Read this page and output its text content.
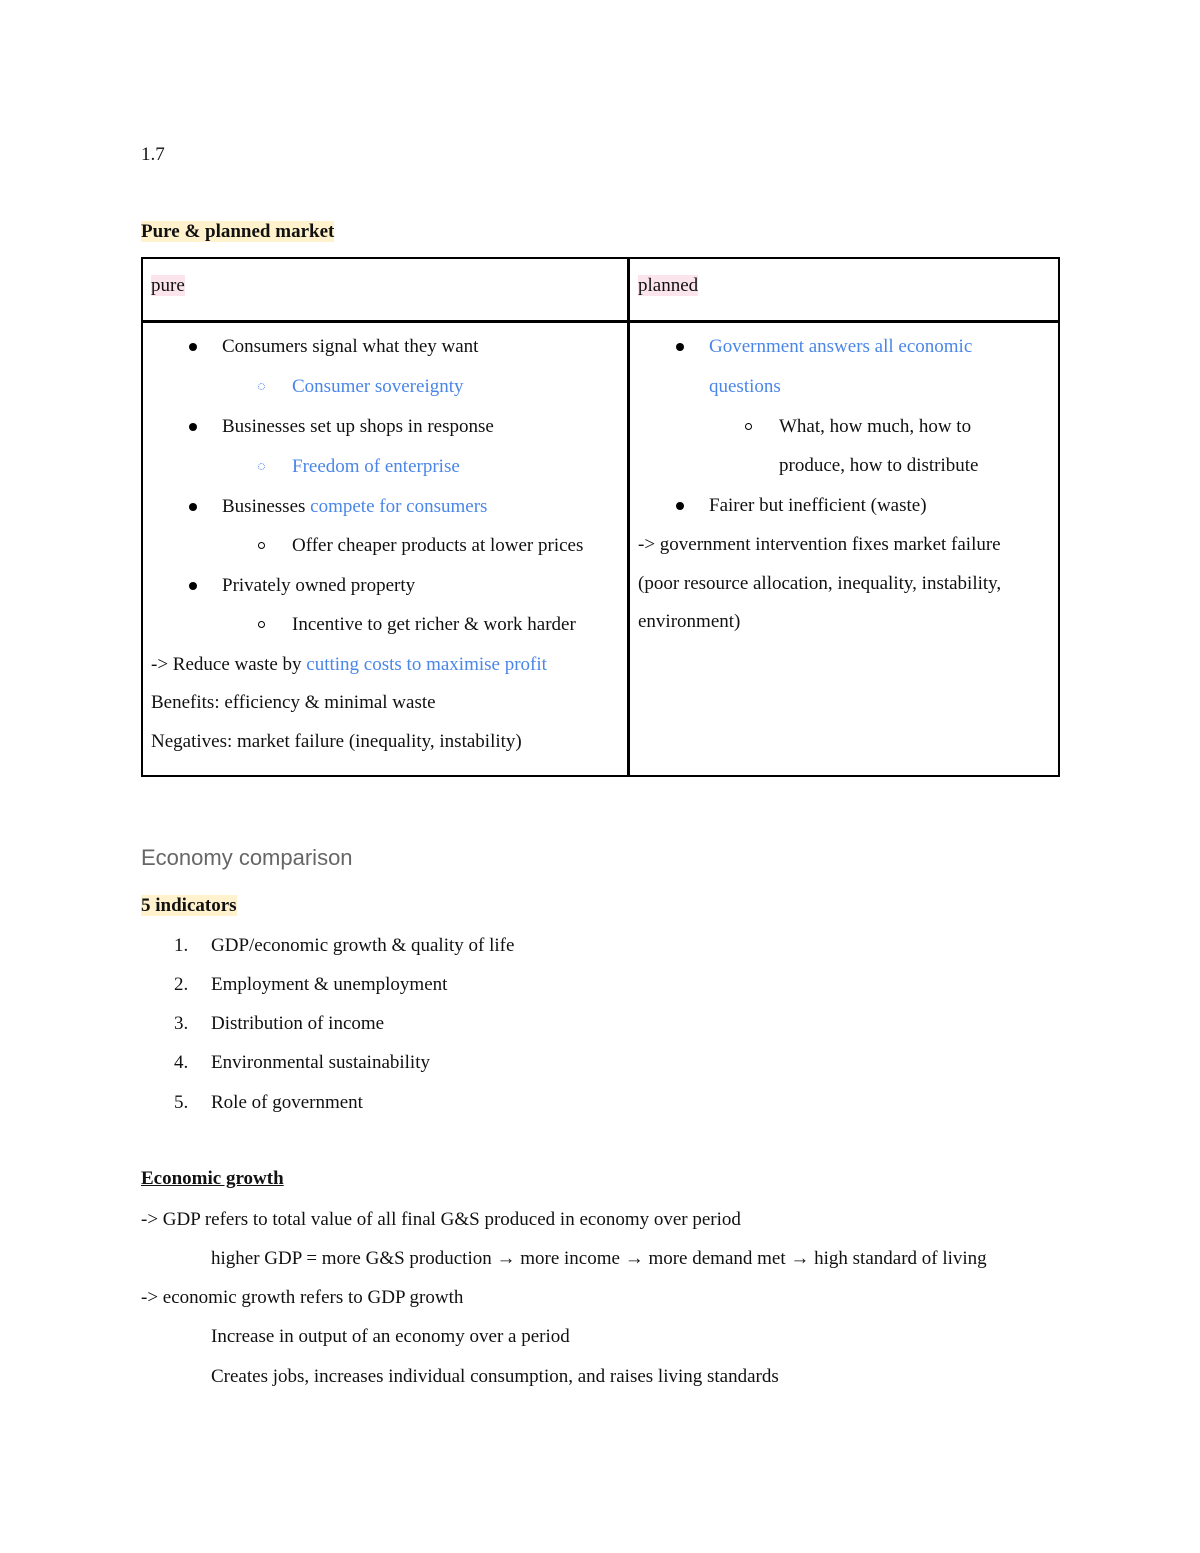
1.7
Pure & planned market
pure	planned
Consumers signal what they want
Consumer sovereignty
Businesses set up shops in response
Freedom of enterprise
Businesses compete for consumers
Offer cheaper products at lower prices
Privately owned property
Incentive to get richer & work harder
-> Reduce waste by cutting costs to maximise profit
Benefits: efficiency & minimal waste
Negatives: market failure (inequality, instability)
Government answers all economic
questions
What, how much, how to
produce, how to distribute
Fairer but inefficient (waste)
-> government intervention fixes market failure
(poor resource allocation, inequality, instability,
environment)
Economy comparison
5 indicators
1. GDP/economic growth & quality of life
2. Employment & unemployment
3. Distribution of income
4. Environmental sustainability
5. Role of government
Economic growth
-> GDP refers to total value of all final G&S produced in economy over period
higher GDP = more G&S production → more income → more demand met → high standard of living
-> economic growth refers to GDP growth
Increase in output of an economy over a period
Creates jobs, increases individual consumption, and raises living standards
